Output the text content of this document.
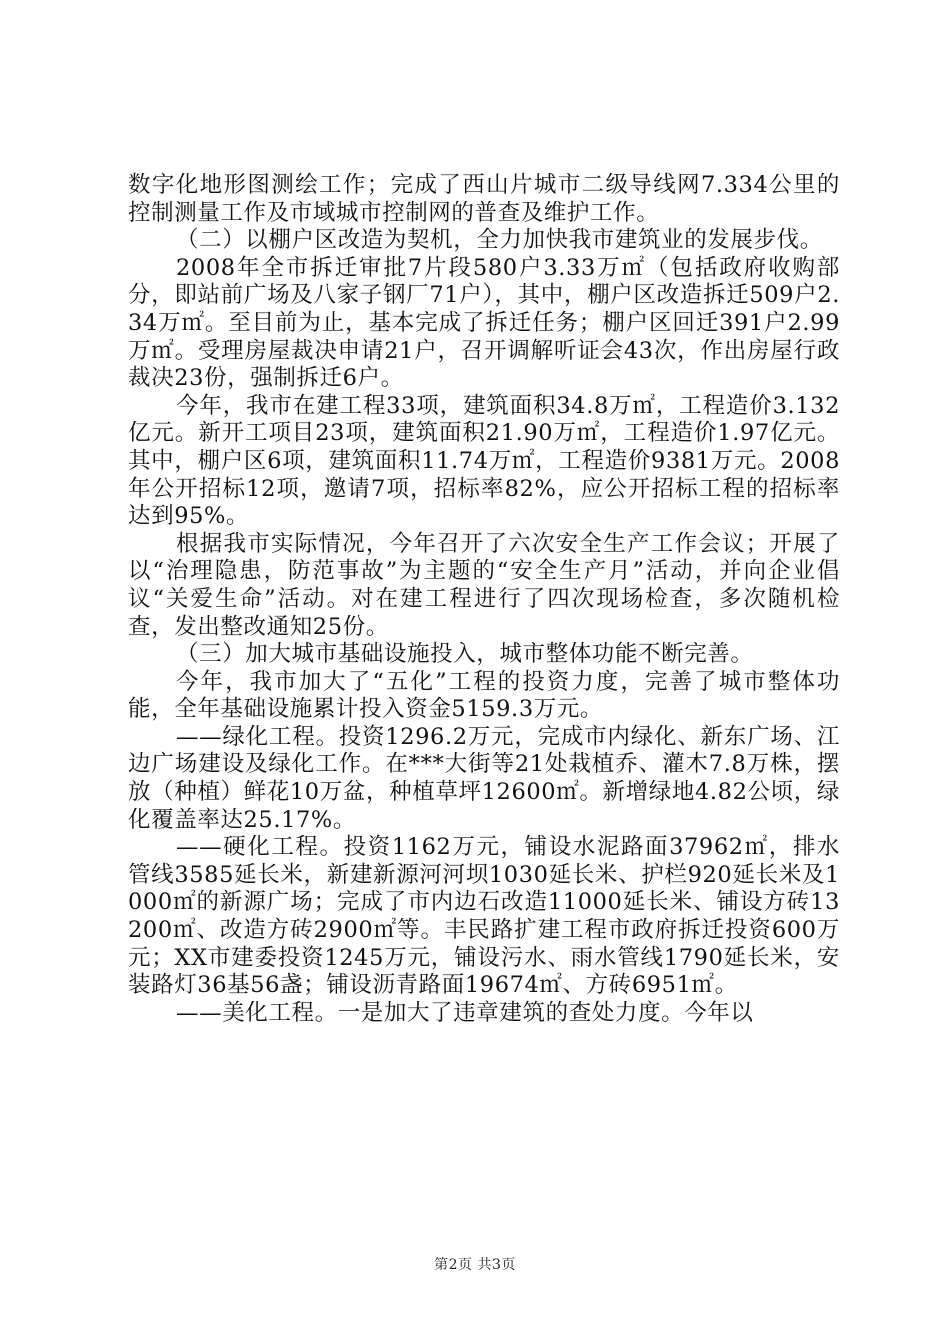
数字化地形图测绘工作；完成了西山片城市二级导线网7.334公里的控制测量工作及市域城市控制网的普查及维护工作。

（二）以棚户区改造为契机，全力加快我市建筑业的发展步伐。

2008年全市拆迁审批7片段580户3.33万㎡（包括政府收购部分，即站前广场及八家子钢厂71户），其中，棚户区改造拆迁509户2.34万㎡。至目前为止，基本完成了拆迁任务；棚户区回迁391户2.99万㎡。受理房屋裁决申请21户，召开调解听证会43次，作出房屋行政裁决23份，强制拆迁6户。

今年，我市在建工程33项，建筑面积34.8万㎡，工程造价3.132亿元。新开工项目23项，建筑面积21.90万㎡，工程造价1.97亿元。其中，棚户区6项，建筑面积11.74万㎡，工程造价9381万元。2008年公开招标12项，邀请7项，招标率82%，应公开招标工程的招标率达到95%。

根据我市实际情况，今年召开了六次安全生产工作会议；开展了以“治理隐患，防范事故”为主题的“安全生产月”活动，并向企业倡议“关爱生命”活动。对在建工程进行了四次现场检查，多次随机检查，发出整改通知25份。

（三）加大城市基础设施投入，城市整体功能不断完善。

今年，我市加大了“五化”工程的投资力度，完善了城市整体功能，全年基础设施累计投入资金5159.3万元。

——绿化工程。投资1296.2万元，完成市内绿化、新东广场、江边广场建设及绿化工作。在***大街等21处栽植乔、灌木7.8万株，摆放（种植）鲜花10万盆，种植草坪12600㎡。新增绿地4.82公顷，绿化覆盖率达25.17%。

——硬化工程。投资1162万元，铺设水泥路面37962㎡，排水管线3585延长米，新建新源河河坝1030延长米、护栏920延长米及1000㎡的新源广场；完成了市内边石改造11000延长米、铺设方砖13200㎡、改造方砖2900㎡等。丰民路扩建工程市政府拆迁投资600万元；XX市建委投资1245万元，铺设污水、雨水管线1790延长米，安装路灯36基56盏；铺设沥青路面19674㎡、方砖6951㎡。

——美化工程。一是加大了违章建筑的查处力度。今年以

第2页 共3页
